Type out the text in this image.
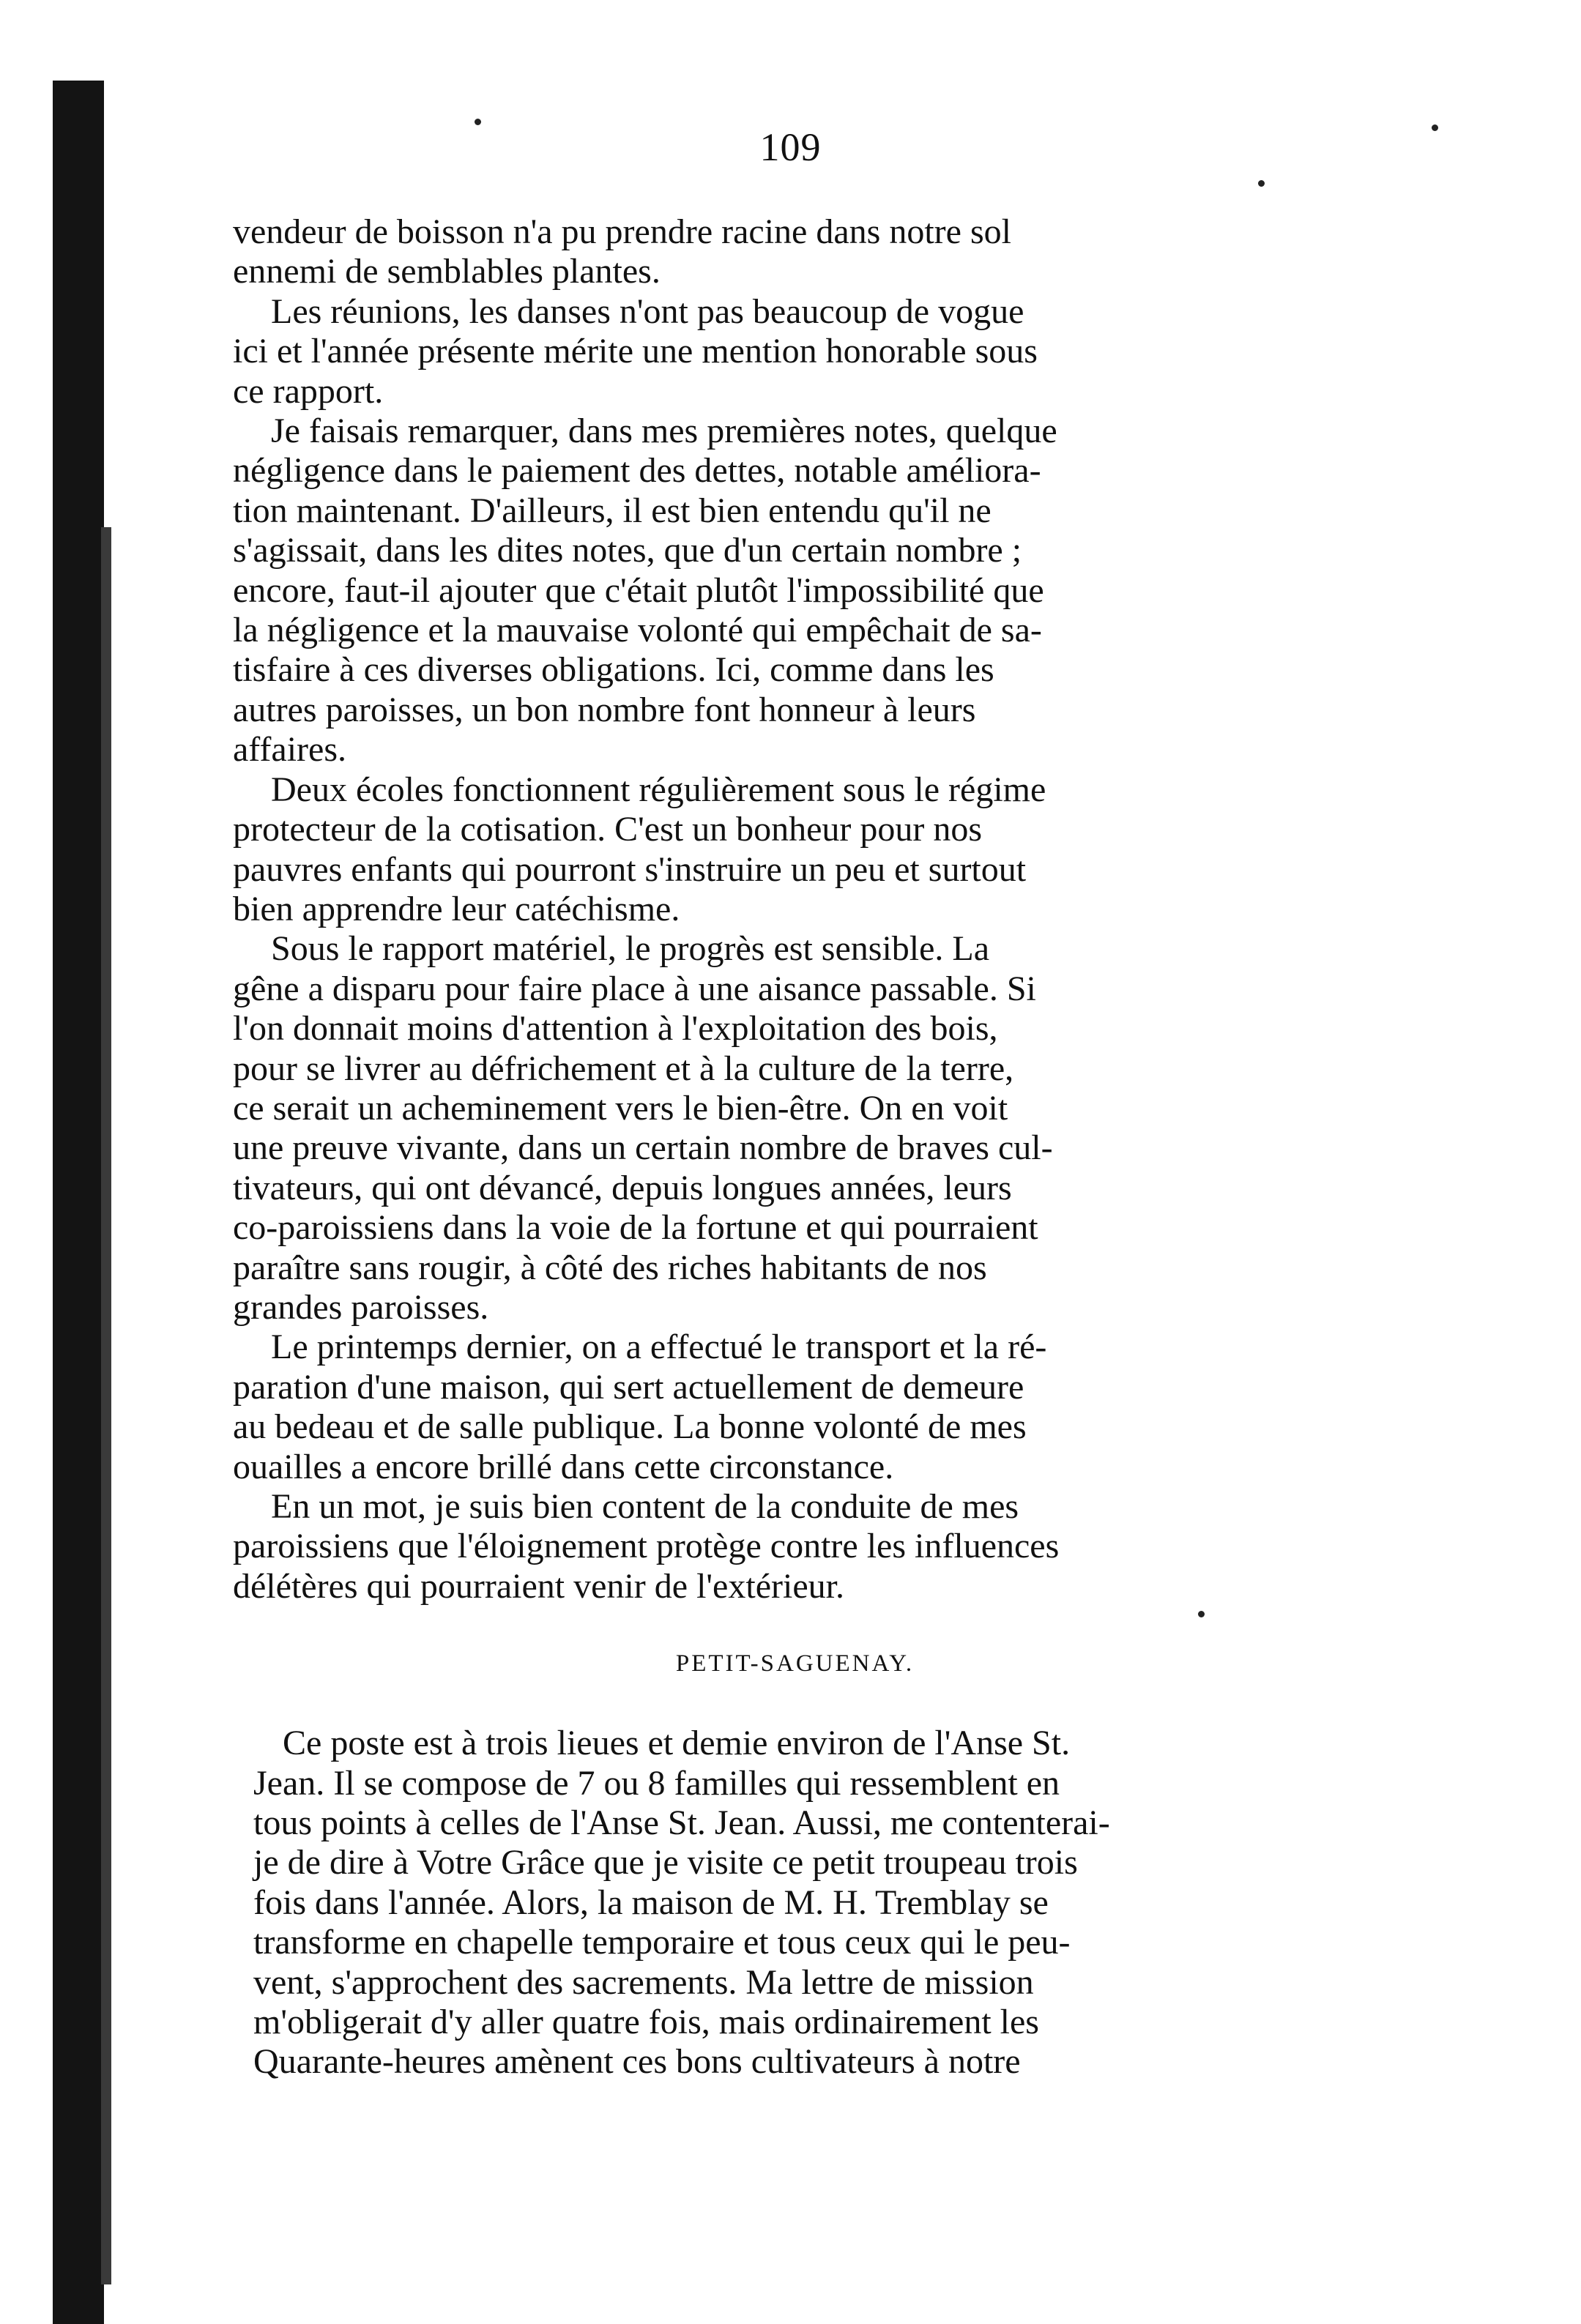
109
vendeur de boisson n'a pu prendre racine dans notre sol
ennemi de semblables plantes.
Les réunions, les danses n'ont pas beaucoup de vogue
ici et l'année présente mérite une mention honorable sous
ce rapport.
Je faisais remarquer, dans mes premières notes, quelque
négligence dans le paiement des dettes, notable améliora-
tion maintenant. D'ailleurs, il est bien entendu qu'il ne
s'agissait, dans les dites notes, que d'un certain nombre ;
encore, faut-il ajouter que c'était plutôt l'impossibilité que
la négligence et la mauvaise volonté qui empêchait de sa-
tisfaire à ces diverses obligations. Ici, comme dans les
autres paroisses, un bon nombre font honneur à leurs
affaires.
Deux écoles fonctionnent régulièrement sous le régime
protecteur de la cotisation. C'est un bonheur pour nos
pauvres enfants qui pourront s'instruire un peu et surtout
bien apprendre leur catéchisme.
Sous le rapport matériel, le progrès est sensible. La
gêne a disparu pour faire place à une aisance passable. Si
l'on donnait moins d'attention à l'exploitation des bois,
pour se livrer au défrichement et à la culture de la terre,
ce serait un acheminement vers le bien-être. On en voit
une preuve vivante, dans un certain nombre de braves cul-
tivateurs, qui ont dévancé, depuis longues années, leurs
co-paroissiens dans la voie de la fortune et qui pourraient
paraître sans rougir, à côté des riches habitants de nos
grandes paroisses.
Le printemps dernier, on a effectué le transport et la ré-
paration d'une maison, qui sert actuellement de demeure
au bedeau et de salle publique. La bonne volonté de mes
ouailles a encore brillé dans cette circonstance.
En un mot, je suis bien content de la conduite de mes
paroissiens que l'éloignement protège contre les influences
délétères qui pourraient venir de l'extérieur.
PETIT-SAGUENAY.
Ce poste est à trois lieues et demie environ de l'Anse St.
Jean. Il se compose de 7 ou 8 familles qui ressemblent en
tous points à celles de l'Anse St. Jean. Aussi, me contenterai-
je de dire à Votre Grâce que je visite ce petit troupeau trois
fois dans l'année. Alors, la maison de M. H. Tremblay se
transforme en chapelle temporaire et tous ceux qui le peu-
vent, s'approchent des sacrements. Ma lettre de mission
m'obligerait d'y aller quatre fois, mais ordinairement les
Quarante-heures amènent ces bons cultivateurs à notre
